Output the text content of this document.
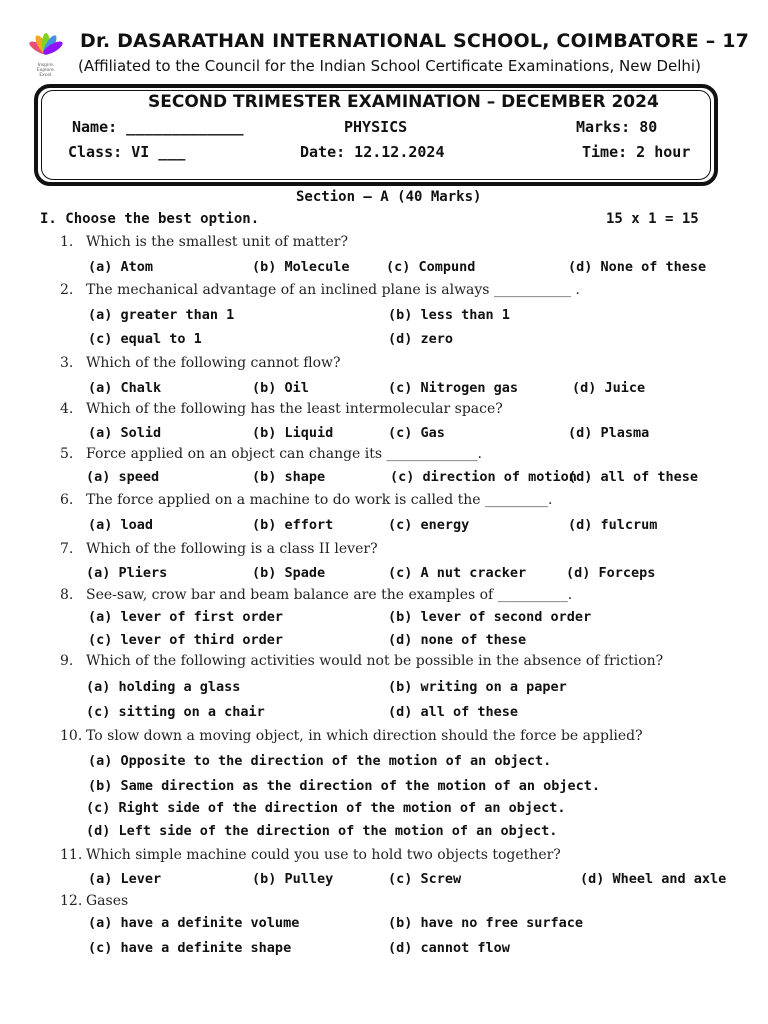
Inspire.
Explore.
Excel.
Dr. DASARATHAN INTERNATIONAL SCHOOL, COIMBATORE – 17
(Affiliated to the Council for the Indian School Certificate Examinations, New Delhi)
SECOND TRIMESTER EXAMINATION – DECEMBER 2024
Name: _____________	PHYSICS	Marks: 80
Class: VI ___	Date: 12.12.2024	Time: 2 hour
Section – A (40 Marks)
I. Choose the best option.	15 x 1 = 15
1. Which is the smallest unit of matter?
(a) Atom	(b) Molecule	(c) Compund	(d) None of these
2. The mechanical advantage of an inclined plane is always ___________ .
(a) greater than 1	(b) less than 1
(c) equal to 1	(d) zero
3. Which of the following cannot flow?
(a) Chalk	(b) Oil	(c) Nitrogen gas	(d) Juice
4. Which of the following has the least intermolecular space?
(a) Solid	(b) Liquid	(c) Gas	(d) Plasma
5. Force applied on an object can change its _____________.
(a) speed	(b) shape	(c) direction of motion
(d) all of these
6. The force applied on a machine to do work is called the _________.
(a) load	(b) effort	(c) energy	(d) fulcrum
7. Which of the following is a class II lever?
(a) Pliers	(b) Spade	(c) A nut cracker	(d) Forceps
8. See-saw, crow bar and beam balance are the examples of __________.
(a) lever of first order	(b) lever of second order
(c) lever of third order	(d) none of these
9. Which of the following activities would not be possible in the absence of friction?
(a) holding a glass	(b) writing on a paper
(c) sitting on a chair	(d) all of these
10. To slow down a moving object, in which direction should the force be applied?
(a) Opposite to the direction of the motion of an object.
(b) Same direction as the direction of the motion of an object.
(c) Right side of the direction of the motion of an object.
(d) Left side of the direction of the motion of an object.
11. Which simple machine could you use to hold two objects together?
(a) Lever	(b) Pulley	(c) Screw	(d) Wheel and axle
12. Gases
(a) have a definite volume	(b) have no free surface
(c) have a definite shape	(d) cannot flow
